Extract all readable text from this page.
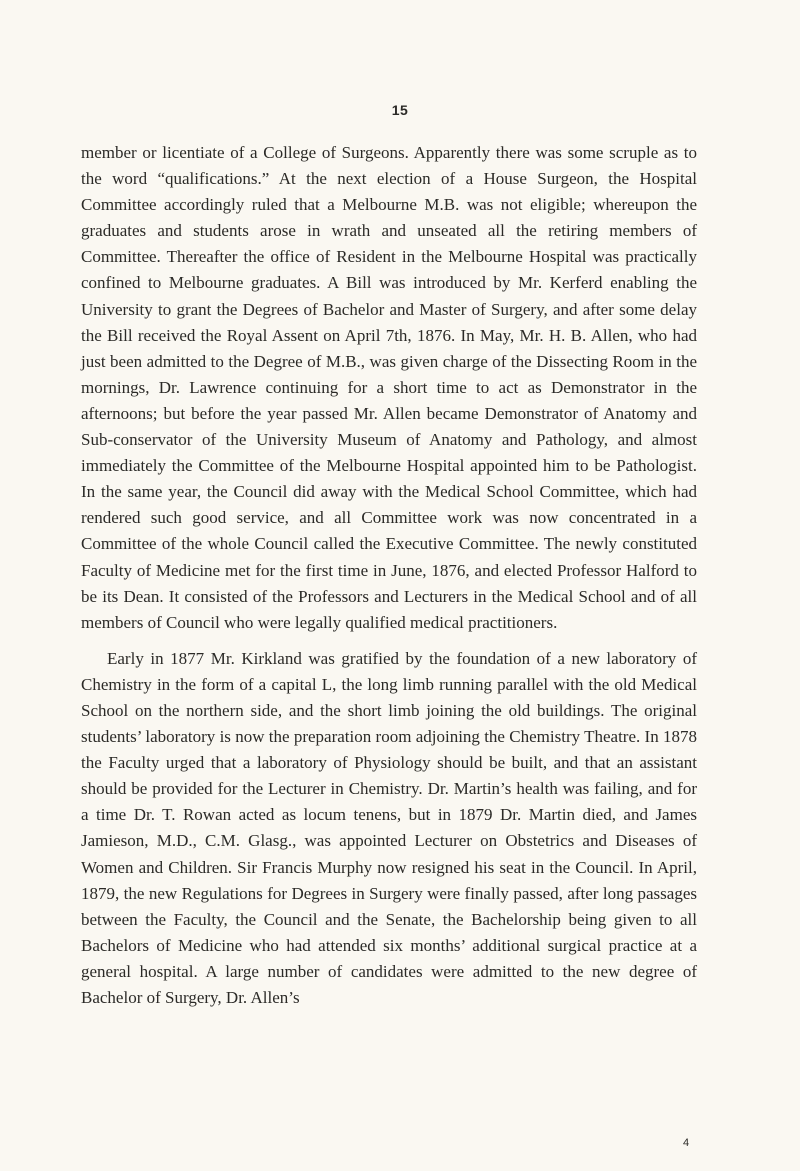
15

member or licentiate of a College of Surgeons. Apparently there was some scruple as to the word “qualifications.” At the next election of a House Surgeon, the Hospital Committee accordingly ruled that a Melbourne M.B. was not eligible; whereupon the graduates and students arose in wrath and unseated all the retiring members of Committee. Thereafter the office of Resident in the Melbourne Hospital was practically confined to Melbourne graduates. A Bill was introduced by Mr. Kerferd enabling the University to grant the Degrees of Bachelor and Master of Surgery, and after some delay the Bill received the Royal Assent on April 7th, 1876. In May, Mr. H. B. Allen, who had just been admitted to the Degree of M.B., was given charge of the Dissecting Room in the mornings, Dr. Lawrence continuing for a short time to act as Demonstrator in the afternoons; but before the year passed Mr. Allen became Demonstrator of Anatomy and Sub-conservator of the University Museum of Anatomy and Pathology, and almost immediately the Committee of the Melbourne Hospital appointed him to be Pathologist. In the same year, the Council did away with the Medical School Committee, which had rendered such good service, and all Committee work was now concentrated in a Committee of the whole Council called the Executive Committee. The newly constituted Faculty of Medicine met for the first time in June, 1876, and elected Professor Halford to be its Dean. It consisted of the Professors and Lecturers in the Medical School and of all members of Council who were legally qualified medical practitioners.

Early in 1877 Mr. Kirkland was gratified by the foundation of a new laboratory of Chemistry in the form of a capital L, the long limb running parallel with the old Medical School on the northern side, and the short limb joining the old buildings. The original students’ laboratory is now the preparation room adjoining the Chemistry Theatre. In 1878 the Faculty urged that a laboratory of Physiology should be built, and that an assistant should be provided for the Lecturer in Chemistry. Dr. Martin’s health was failing, and for a time Dr. T. Rowan acted as locum tenens, but in 1879 Dr. Martin died, and James Jamieson, M.D., C.M. Glasg., was appointed Lecturer on Obstetrics and Diseases of Women and Children. Sir Francis Murphy now resigned his seat in the Council. In April, 1879, the new Regulations for Degrees in Surgery were finally passed, after long passages between the Faculty, the Council and the Senate, the Bachelorship being given to all Bachelors of Medicine who had attended six months’ additional surgical practice at a general hospital. A large number of candidates were admitted to the new degree of Bachelor of Surgery, Dr. Allen’s

4
